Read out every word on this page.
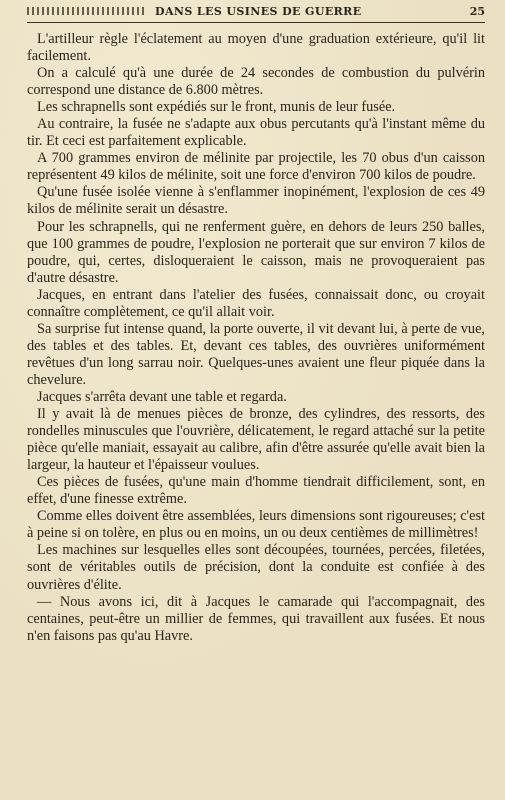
DANS LES USINES DE GUERRE	25

L'artilleur règle l'éclatement au moyen d'une graduation extérieure, qu'il lit facilement.

On a calculé qu'à une durée de 24 secondes de combustion du pulvérin correspond une distance de 6.800 mètres.

Les schrapnells sont expédiés sur le front, munis de leur fusée.

Au contraire, la fusée ne s'adapte aux obus percutants qu'à l'instant même du tir. Et ceci est parfaitement explicable.

A 700 grammes environ de mélinite par projectile, les 70 obus d'un caisson représentent 49 kilos de mélinite, soit une force d'environ 700 kilos de poudre.

Qu'une fusée isolée vienne à s'enflammer inopinément, l'explosion de ces 49 kilos de mélinite serait un désastre.

Pour les schrapnells, qui ne renferment guère, en dehors de leurs 250 balles, que 100 grammes de poudre, l'explosion ne porterait que sur environ 7 kilos de poudre, qui, certes, disloqueraient le caisson, mais ne provoqueraient pas d'autre désastre.

Jacques, en entrant dans l'atelier des fusées, connaissait donc, ou croyait connaître complètement, ce qu'il allait voir.

Sa surprise fut intense quand, la porte ouverte, il vit devant lui, à perte de vue, des tables et des tables. Et, devant ces tables, des ouvrières uniformément revêtues d'un long sarrau noir. Quelques-unes avaient une fleur piquée dans la chevelure.

Jacques s'arrêta devant une table et regarda.

Il y avait là de menues pièces de bronze, des cylindres, des ressorts, des rondelles minuscules que l'ouvrière, délicatement, le regard attaché sur la petite pièce qu'elle maniait, essayait au calibre, afin d'être assurée qu'elle avait bien la largeur, la hauteur et l'épaisseur voulues.

Ces pièces de fusées, qu'une main d'homme tiendrait difficilement, sont, en effet, d'une finesse extrême.

Comme elles doivent être assemblées, leurs dimensions sont rigoureuses; c'est à peine si on tolère, en plus ou en moins, un ou deux centièmes de millimètres!

Les machines sur lesquelles elles sont découpées, tournées, percées, filetées, sont de véritables outils de précision, dont la conduite est confiée à des ouvrières d'élite.

— Nous avons ici, dit à Jacques le camarade qui l'accompagnait, des centaines, peut-être un millier de femmes, qui travaillent aux fusées. Et nous n'en faisons pas qu'au Havre.
